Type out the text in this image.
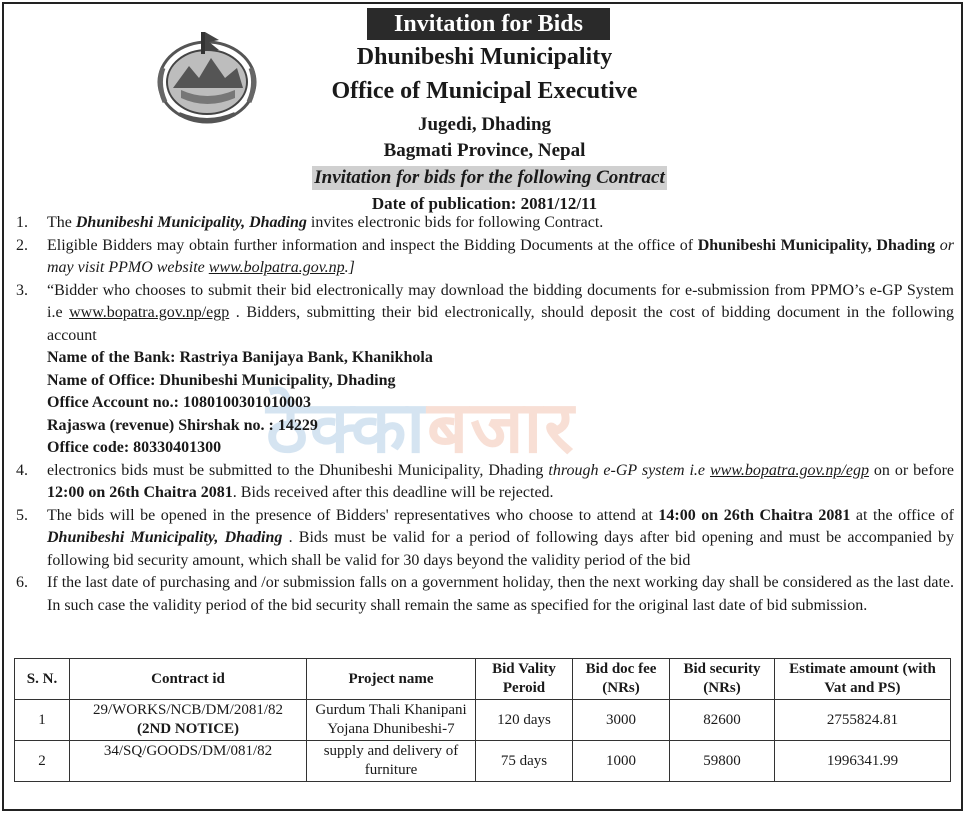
Invitation for Bids
Dhunibeshi Municipality
Office of Municipal Executive
Jugedi, Dhading
Bagmati Province, Nepal
Invitation for bids for the following Contract
Date of publication: 2081/12/11
ठेक्काबजार
1. The Dhunibeshi Municipality, Dhading invites electronic bids for following Contract.
2. Eligible Bidders may obtain further information and inspect the Bidding Documents at the office of Dhunibeshi Municipality, Dhading or may visit PPMO website www.bolpatra.gov.np.]
3. “Bidder who chooses to submit their bid electronically may download the bidding documents for e-submission from PPMO’s e-GP System i.e www.bopatra.gov.np/egp . Bidders, submitting their bid electronically, should deposit the cost of bidding document in the following account
Name of the Bank: Rastriya Banijaya Bank, Khanikhola
Name of Office: Dhunibeshi Municipality, Dhading
Office Account no.: 1080100301010003
Rajaswa (revenue) Shirshak no. : 14229
Office code: 80330401300
4. electronics bids must be submitted to the Dhunibeshi Municipality, Dhading through e-GP system i.e www.bopatra.gov.np/egp on or before 12:00 on 26th Chaitra 2081. Bids received after this deadline will be rejected.
5. The bids will be opened in the presence of Bidders' representatives who choose to attend at 14:00 on 26th Chaitra 2081 at the office of Dhunibeshi Municipality, Dhading . Bids must be valid for a period of following days after bid opening and must be accompanied by following bid security amount, which shall be valid for 30 days beyond the validity period of the bid
6. If the last date of purchasing and /or submission falls on a government holiday, then the next working day shall be considered as the last date. In such case the validity period of the bid security shall remain the same as specified for the original last date of bid submission.
S. N.	Contract id	Project name	Bid Vality Peroid	Bid doc fee (NRs)	Bid security (NRs)	Estimate amount (with Vat and PS)
1	29/WORKS/NCB/DM/2081/82
(2ND NOTICE)	Gurdum Thali Khanipani Yojana Dhunibeshi-7	120 days	3000	82600	2755824.81
2	34/SQ/GOODS/DM/081/82	supply and delivery of furniture	75 days	1000	59800	1996341.99
